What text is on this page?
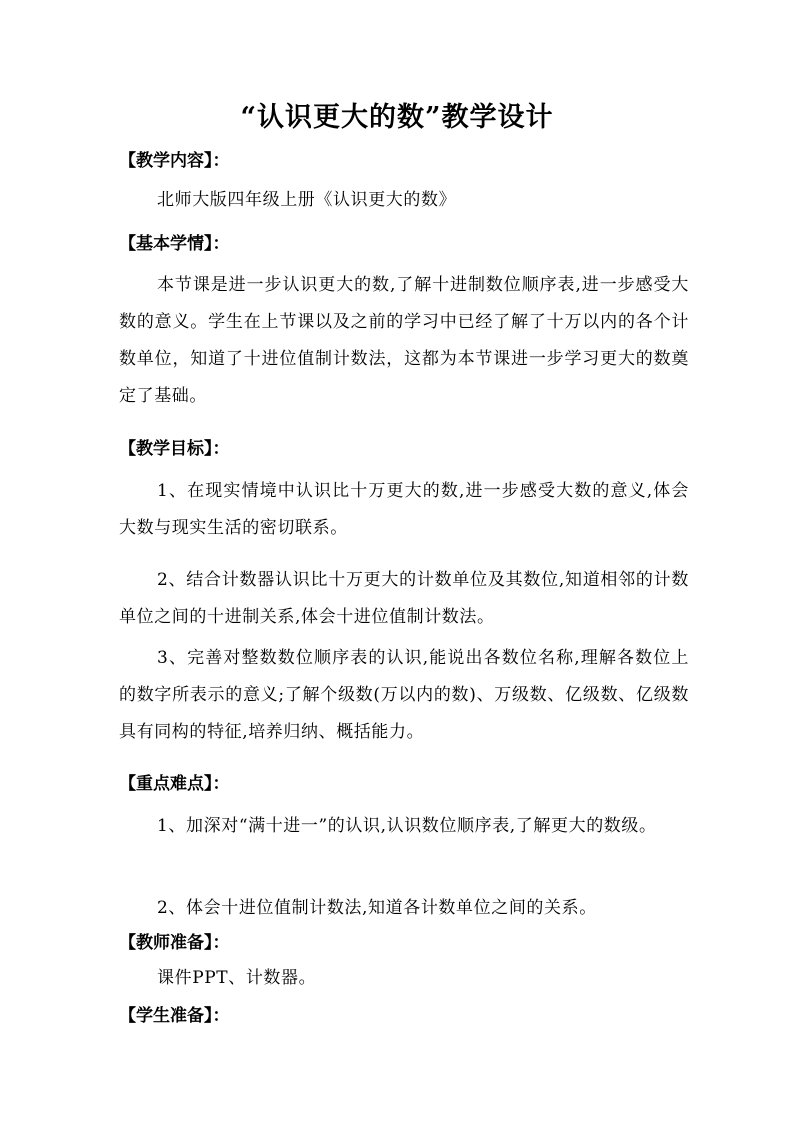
“认识更大的数”教学设计
【教学内容】：
北师大版四年级上册《认识更大的数》
【基本学情】：
本节课是进一步认识更大的数,了解十进制数位顺序表,进一步感受大数的意义。学生在上节课以及之前的学习中已经了解了十万以内的各个计数单位，知道了十进位值制计数法，这都为本节课进一步学习更大的数奠定了基础。
【教学目标】：
1、在现实情境中认识比十万更大的数,进一步感受大数的意义,体会大数与现实生活的密切联系。
2、结合计数器认识比十万更大的计数单位及其数位,知道相邻的计数单位之间的十进制关系,体会十进位值制计数法。
3、完善对整数数位顺序表的认识,能说出各数位名称,理解各数位上的数字所表示的意义;了解个级数(万以内的数)、万级数、亿级数、亿级数具有同构的特征,培养归纳、概括能力。
【重点难点】：
1、加深对“满十进一”的认识,认识数位顺序表,了解更大的数级。
2、体会十进位值制计数法,知道各计数单位之间的关系。
【教师准备】：
课件PPT、计数器。
【学生准备】：
